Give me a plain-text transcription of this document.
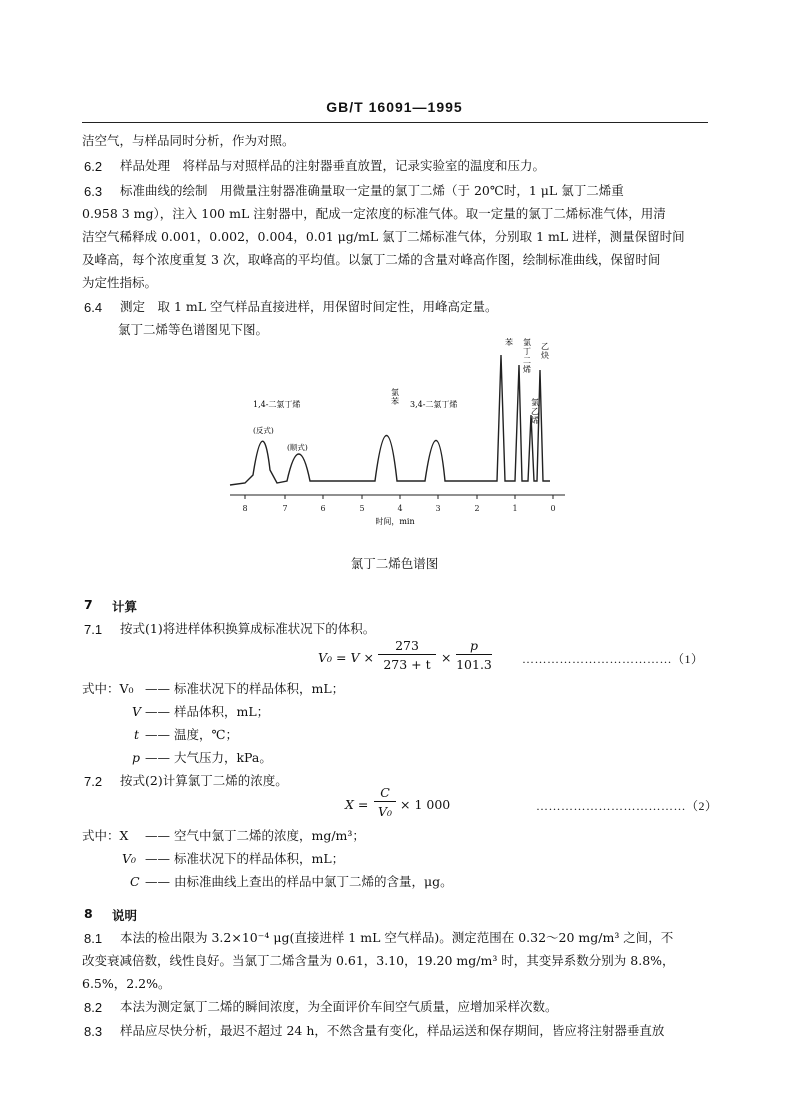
GB/T 16091—1995
洁空气，与样品同时分析，作为对照。
6.2 样品处理　将样品与对照样品的注射器垂直放置，记录实验室的温度和压力。
6.3 标准曲线的绘制　用微量注射器准确量取一定量的氯丁二烯（于 20℃时，1 μL 氯丁二烯重
0.958 3 mg），注入 100 mL 注射器中，配成一定浓度的标准气体。取一定量的氯丁二烯标准气体，用清
洁空气稀释成 0.001，0.002，0.004，0.01 μg/mL 氯丁二烯标准气体，分别取 1 mL 进样，测量保留时间
及峰高，每个浓度重复 3 次，取峰高的平均值。以氯丁二烯的含量对峰高作图，绘制标准曲线，保留时间
为定性指标。
6.4 测定　取 1 mL 空气样品直接进样，用保留时间定性，用峰高定量。
氯丁二烯等色谱图见下图。
8	7	6	5	4	3	2	1	0
时间，min
1,4-二氯丁烯
(反式)
(顺式)
3,4-二氯丁烯
氯苯
苯 氯丁二烯
氯乙烯
乙炔
氯丁二烯色谱图
7 计算
7.1 按式(1)将进样体积换算成标准状况下的体积。
V₀ = V ×
273
273 + t ×
p
101.3	………………………………（1）
式中：V₀ —— 标准状况下的样品体积，mL；
V —— 样品体积，mL；
t —— 温度，℃；
p —— 大气压力，kPa。
7.2 按式(2)计算氯丁二烯的浓度。
X =
C
V₀ × 1 000	………………………………（2）
式中：X —— 空气中氯丁二烯的浓度，mg/m³；
V₀ —— 标准状况下的样品体积，mL；
C —— 由标准曲线上查出的样品中氯丁二烯的含量，μg。
8 说明
8.1 本法的检出限为 3.2×10⁻⁴ μg(直接进样 1 mL 空气样品)。测定范围在 0.32～20 mg/m³ 之间，不
改变衰减倍数，线性良好。当氯丁二烯含量为 0.61，3.10，19.20 mg/m³ 时，其变异系数分别为 8.8%，
6.5%，2.2%。
8.2 本法为测定氯丁二烯的瞬间浓度，为全面评价车间空气质量，应增加采样次数。
8.3 样品应尽快分析，最迟不超过 24 h，不然含量有变化，样品运送和保存期间，皆应将注射器垂直放
